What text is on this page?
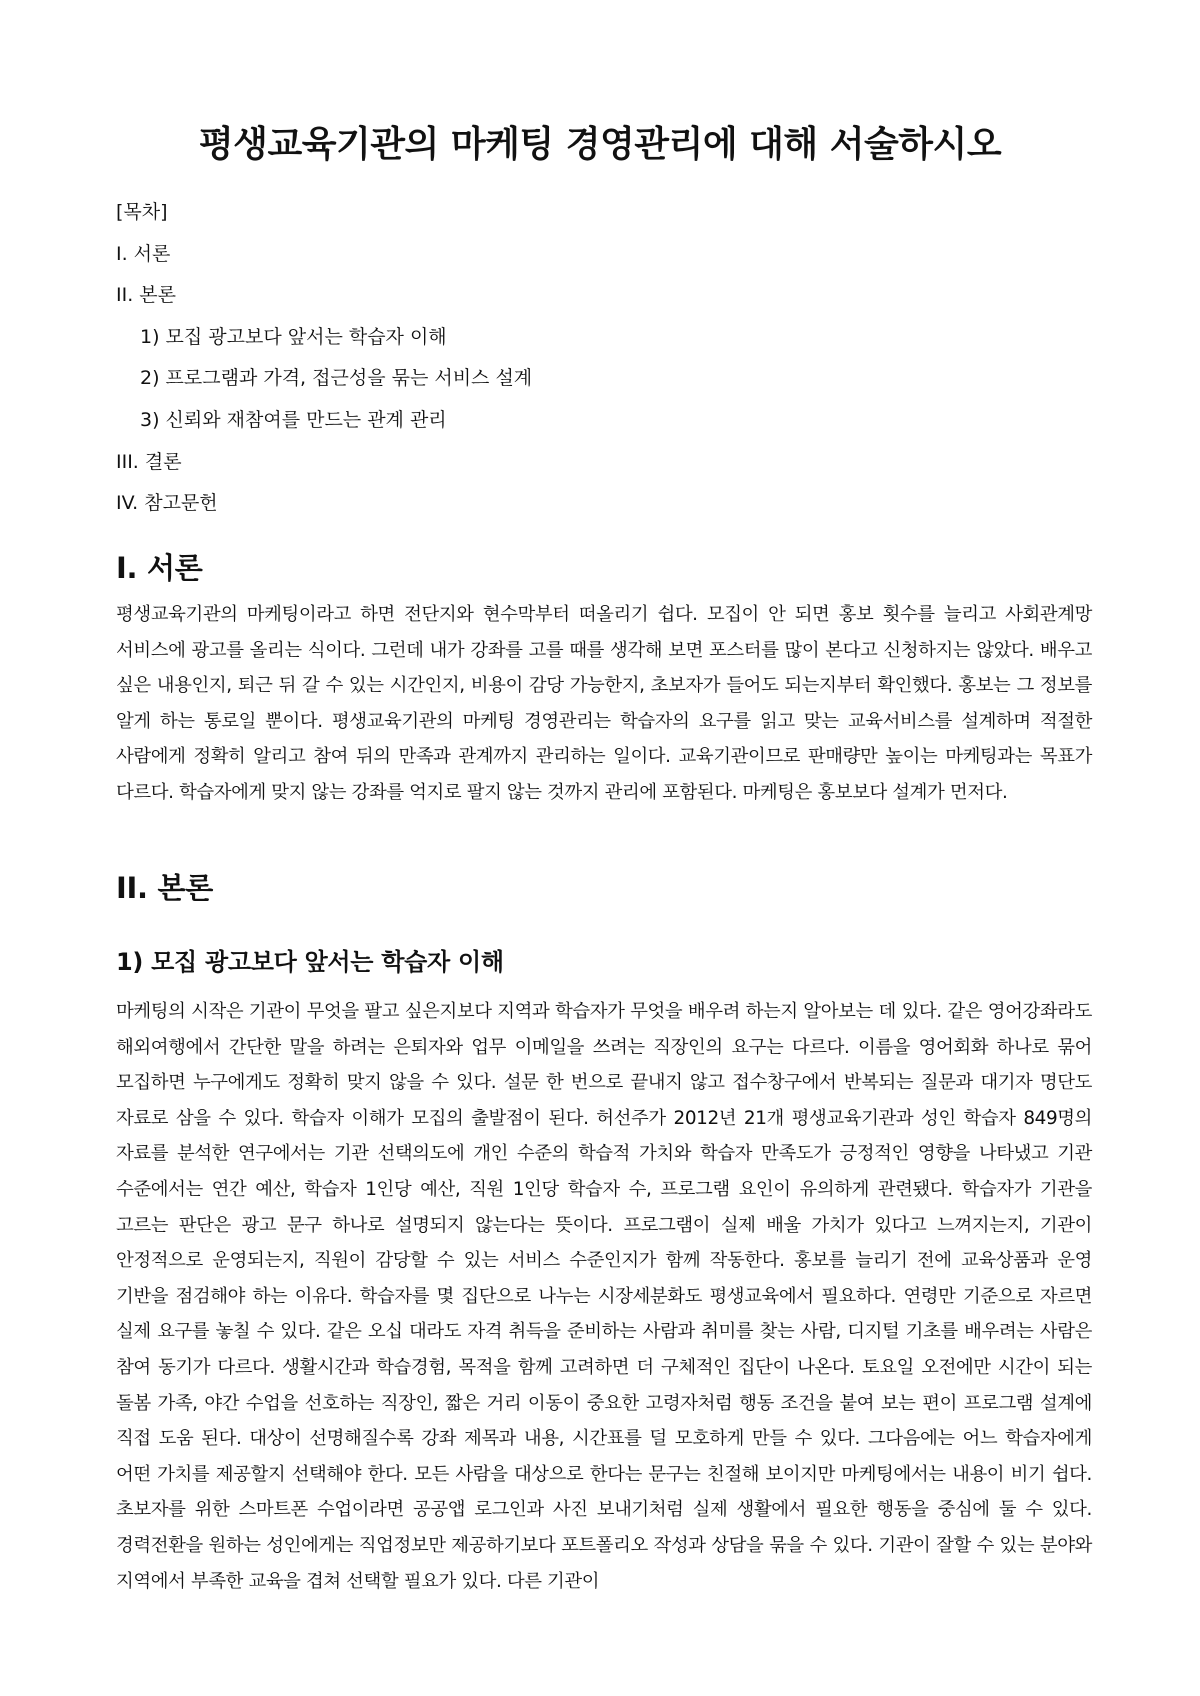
평생교육기관의 마케팅 경영관리에 대해 서술하시오
[목차]
I. 서론
II. 본론
1) 모집 광고보다 앞서는 학습자 이해
2) 프로그램과 가격, 접근성을 묶는 서비스 설계
3) 신뢰와 재참여를 만드는 관계 관리
III. 결론
IV. 참고문헌
I. 서론

평생교육기관의 마케팅이라고 하면 전단지와 현수막부터 떠올리기 쉽다. 모집이 안 되면 홍보 횟수를 늘리고 사회관계망 서비스에 광고를 올리는 식이다. 그런데 내가 강좌를 고를 때를 생각해 보면 포스터를 많이 본다고 신청하지는 않았다. 배우고 싶은 내용인지, 퇴근 뒤 갈 수 있는 시간인지, 비용이 감당 가능한지, 초보자가 들어도 되는지부터 확인했다. 홍보는 그 정보를 알게 하는 통로일 뿐이다. 평생교육기관의 마케팅 경영관리는 학습자의 요구를 읽고 맞는 교육서비스를 설계하며 적절한 사람에게 정확히 알리고 참여 뒤의 만족과 관계까지 관리하는 일이다. 교육기관이므로 판매량만 높이는 마케팅과는 목표가 다르다. 학습자에게 맞지 않는 강좌를 억지로 팔지 않는 것까지 관리에 포함된다. 마케팅은 홍보보다 설계가 먼저다.

II. 본론
1) 모집 광고보다 앞서는 학습자 이해

마케팅의 시작은 기관이 무엇을 팔고 싶은지보다 지역과 학습자가 무엇을 배우려 하는지 알아보는 데 있다. 같은 영어강좌라도 해외여행에서 간단한 말을 하려는 은퇴자와 업무 이메일을 쓰려는 직장인의 요구는 다르다. 이름을 영어회화 하나로 묶어 모집하면 누구에게도 정확히 맞지 않을 수 있다. 설문 한 번으로 끝내지 않고 접수창구에서 반복되는 질문과 대기자 명단도 자료로 삼을 수 있다. 학습자 이해가 모집의 출발점이 된다. 허선주가 2012년 21개 평생교육기관과 성인 학습자 849명의 자료를 분석한 연구에서는 기관 선택의도에 개인 수준의 학습적 가치와 학습자 만족도가 긍정적인 영향을 나타냈고 기관 수준에서는 연간 예산, 학습자 1인당 예산, 직원 1인당 학습자 수, 프로그램 요인이 유의하게 관련됐다. 학습자가 기관을 고르는 판단은 광고 문구 하나로 설명되지 않는다는 뜻이다. 프로그램이 실제 배울 가치가 있다고 느껴지는지, 기관이 안정적으로 운영되는지, 직원이 감당할 수 있는 서비스 수준인지가 함께 작동한다. 홍보를 늘리기 전에 교육상품과 운영 기반을 점검해야 하는 이유다. 학습자를 몇 집단으로 나누는 시장세분화도 평생교육에서 필요하다. 연령만 기준으로 자르면 실제 요구를 놓칠 수 있다. 같은 오십 대라도 자격 취득을 준비하는 사람과 취미를 찾는 사람, 디지털 기초를 배우려는 사람은 참여 동기가 다르다. 생활시간과 학습경험, 목적을 함께 고려하면 더 구체적인 집단이 나온다. 토요일 오전에만 시간이 되는 돌봄 가족, 야간 수업을 선호하는 직장인, 짧은 거리 이동이 중요한 고령자처럼 행동 조건을 붙여 보는 편이 프로그램 설계에 직접 도움 된다. 대상이 선명해질수록 강좌 제목과 내용, 시간표를 덜 모호하게 만들 수 있다. 그다음에는 어느 학습자에게 어떤 가치를 제공할지 선택해야 한다. 모든 사람을 대상으로 한다는 문구는 친절해 보이지만 마케팅에서는 내용이 비기 쉽다. 초보자를 위한 스마트폰 수업이라면 공공앱 로그인과 사진 보내기처럼 실제 생활에서 필요한 행동을 중심에 둘 수 있다. 경력전환을 원하는 성인에게는 직업정보만 제공하기보다 포트폴리오 작성과 상담을 묶을 수 있다. 기관이 잘할 수 있는 분야와 지역에서 부족한 교육을 겹쳐 선택할 필요가 있다. 다른 기관이
